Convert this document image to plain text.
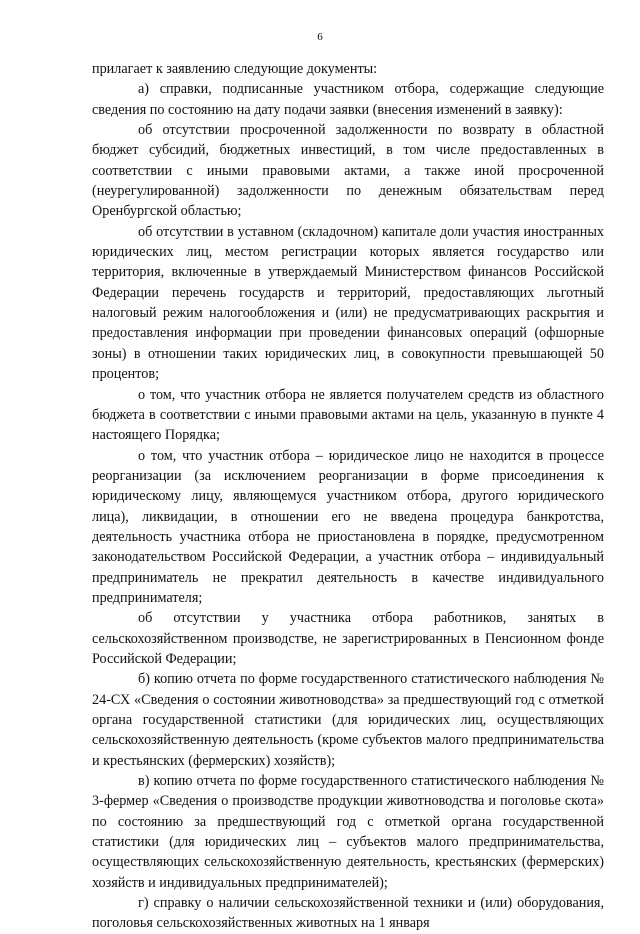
6

прилагает к заявлению следующие документы:

а) справки, подписанные участником отбора, содержащие следующие сведения по состоянию на дату подачи заявки (внесения изменений в заявку):

об отсутствии просроченной задолженности по возврату в областной бюджет субсидий, бюджетных инвестиций, в том числе предоставленных в соответствии с иными правовыми актами, а также иной просроченной (неурегулированной) задолженности по денежным обязательствам перед Оренбургской областью;

об отсутствии в уставном (складочном) капитале доли участия иностранных юридических лиц, местом регистрации которых является государство или территория, включенные в утверждаемый Министерством финансов Российской Федерации перечень государств и территорий, предоставляющих льготный налоговый режим налогообложения и (или) не предусматривающих раскрытия и предоставления информации при проведении финансовых операций (офшорные зоны) в отношении таких юридических лиц, в совокупности превышающей 50 процентов;

о том, что участник отбора не является получателем средств из областного бюджета в соответствии с иными правовыми актами на цель, указанную в пункте 4 настоящего Порядка;

о том, что участник отбора – юридическое лицо не находится в процессе реорганизации (за исключением реорганизации в форме присоединения к юридическому лицу, являющемуся участником отбора, другого юридического лица), ликвидации, в отношении его не введена процедура банкротства, деятельность участника отбора не приостановлена в порядке, предусмотренном законодательством Российской Федерации, а участник отбора – индивидуальный предприниматель не прекратил деятельность в качестве индивидуального предпринимателя;

об отсутствии у участника отбора работников, занятых в сельскохозяйственном производстве, не зарегистрированных в Пенсионном фонде Российской Федерации;

б) копию отчета по форме государственного статистического наблюдения № 24-СХ «Сведения о состоянии животноводства» за предшествующий год с отметкой органа государственной статистики (для юридических лиц, осуществляющих сельскохозяйственную деятельность (кроме субъектов малого предпринимательства и крестьянских (фермерских) хозяйств);

в) копию отчета по форме государственного статистического наблюдения № 3-фермер «Сведения о производстве продукции животноводства и поголовье скота» по состоянию за предшествующий год с отметкой органа государственной статистики (для юридических лиц – субъектов малого предпринимательства, осуществляющих сельскохозяйственную деятельность, крестьянских (фермерских) хозяйств и индивидуальных предпринимателей);

г) справку о наличии сельскохозяйственной техники и (или) оборудования, поголовья сельскохозяйственных животных на 1 января
